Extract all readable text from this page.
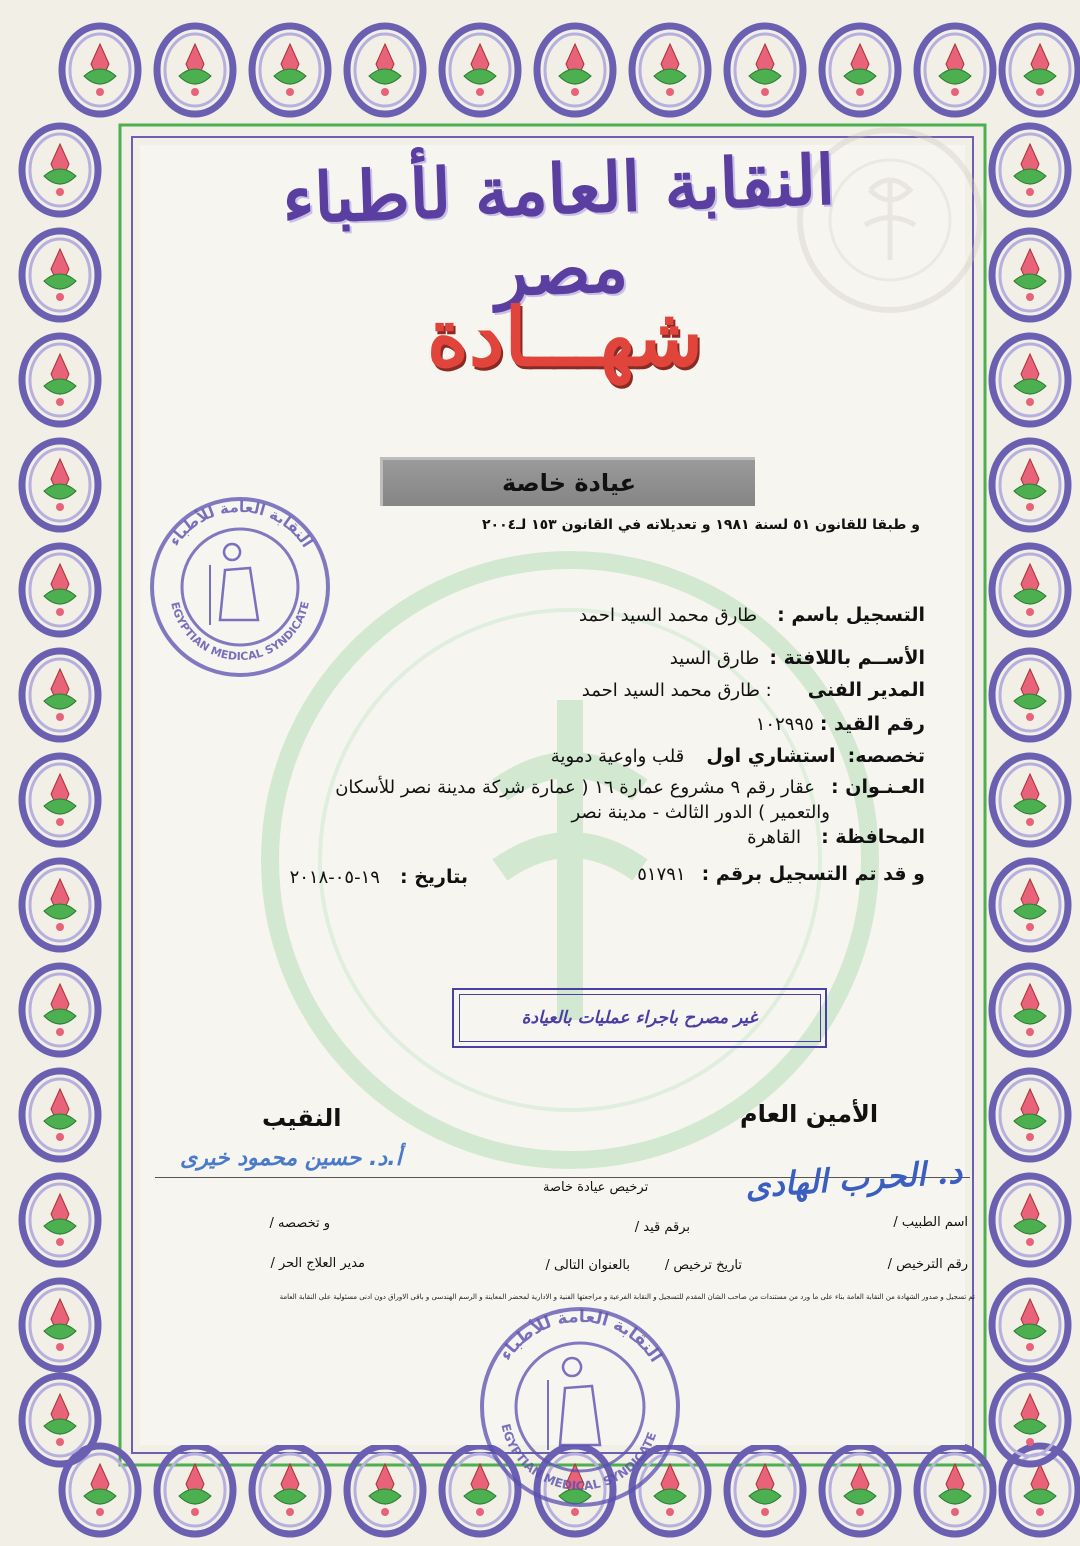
النقابة العامة لأطباء مصر
شهـــادة
عيادة خاصة
و طبقا للقانون ٥١ لسنة ١٩٨١ و تعديلاته في القانون ١٥٣ لـ٢٠٠٤
النقابة العامة للأطباء
EGYPTIAN MEDICAL SYNDICATE	التسجيل باسم : طارق محمد السيد احمد
الأســم باللافتة : طارق السيد
المدير الفنى : طارق محمد السيد احمد
رقم القيد : ١٠٢٩٩٥
تخصصه: استشاري اول قلب واوعية دموية
العـنـوان : عقار رقم ٩ مشروع عمارة ١٦ ( عمارة شركة مدينة نصر للأسكان
والتعمير ) الدور الثالث - مدينة نصر
المحافظة : القاهرة
و قد تم التسجيل برقم : ٥١٧٩١
بتاريخ : ١٩-٠٥-٢٠١٨
غير مصرح باجراء عمليات بالعيادة
الأمين العام
النقيب
أ.د. حسين محمود خيرى	د. الحرب الهادى
ترخيص عيادة خاصة
اسم الطبيب /
برقم قيد /
و تخصصه /
رقم الترخيص /
تاريخ ترخيص /
بالعنوان التالى /
مدير العلاج الحر /
تم تسجيل و صدور الشهادة من النقابة العامة بناء على ما ورد من مستندات من صاحب الشأن المقدم للتسجيل و النقابة الفرعية و مراجعتها الفنية و الادارية لمحضر المعاينة و الرسم الهندسى و باقى الاوراق دون ادنى مسئولية على النقابة العامة
النقابة العامة للأطباء
EGYPTIAN MEDICAL SYNDICATE
